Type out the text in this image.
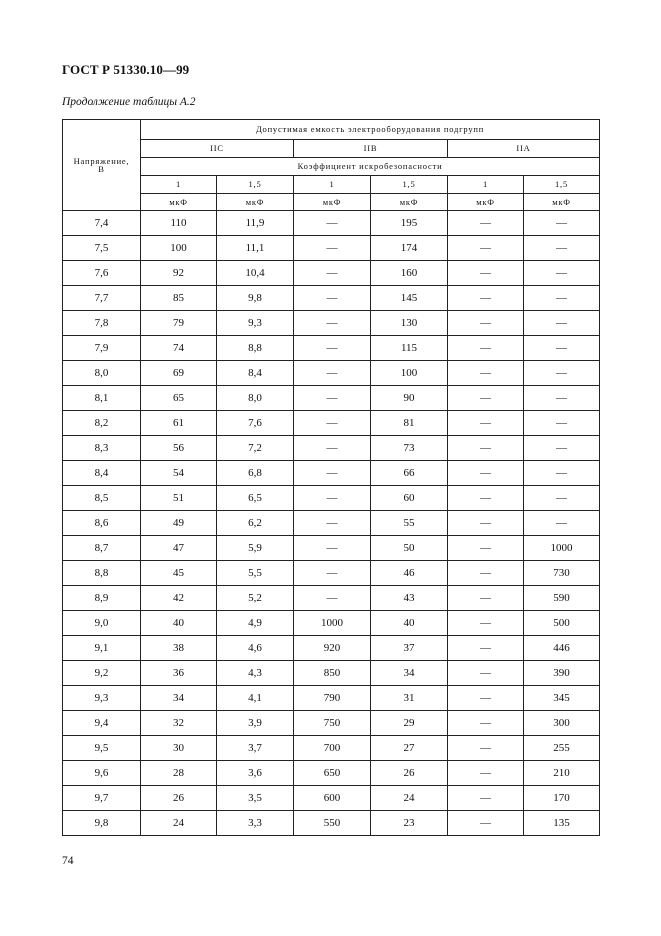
ГОСТ Р 51330.10—99
Продолжение таблицы А.2
Напряжение, В	Допустимая емкость электрооборудования подгрупп					
	IIC		IIB		IIA	
	Коэффициент искробезопасности					
	1	1,5	1	1,5	1	1,5
	мкФ	мкФ	мкФ	мкФ	мкФ	мкФ
7,4	110	11,9	—	195	—	—
7,5	100	11,1	—	174	—	—
7,6	92	10,4	—	160	—	—
7,7	85	9,8	—	145	—	—
7,8	79	9,3	—	130	—	—
7,9	74	8,8	—	115	—	—
8,0	69	8,4	—	100	—	—
8,1	65	8,0	—	90	—	—
8,2	61	7,6	—	81	—	—
8,3	56	7,2	—	73	—	—
8,4	54	6,8	—	66	—	—
8,5	51	6,5	—	60	—	—
8,6	49	6,2	—	55	—	—
8,7	47	5,9	—	50	—	1000
8,8	45	5,5	—	46	—	730
8,9	42	5,2	—	43	—	590
9,0	40	4,9	1000	40	—	500
9,1	38	4,6	920	37	—	446
9,2	36	4,3	850	34	—	390
9,3	34	4,1	790	31	—	345
9,4	32	3,9	750	29	—	300
9,5	30	3,7	700	27	—	255
9,6	28	3,6	650	26	—	210
9,7	26	3,5	600	24	—	170
9,8	24	3,3	550	23	—	135
74
